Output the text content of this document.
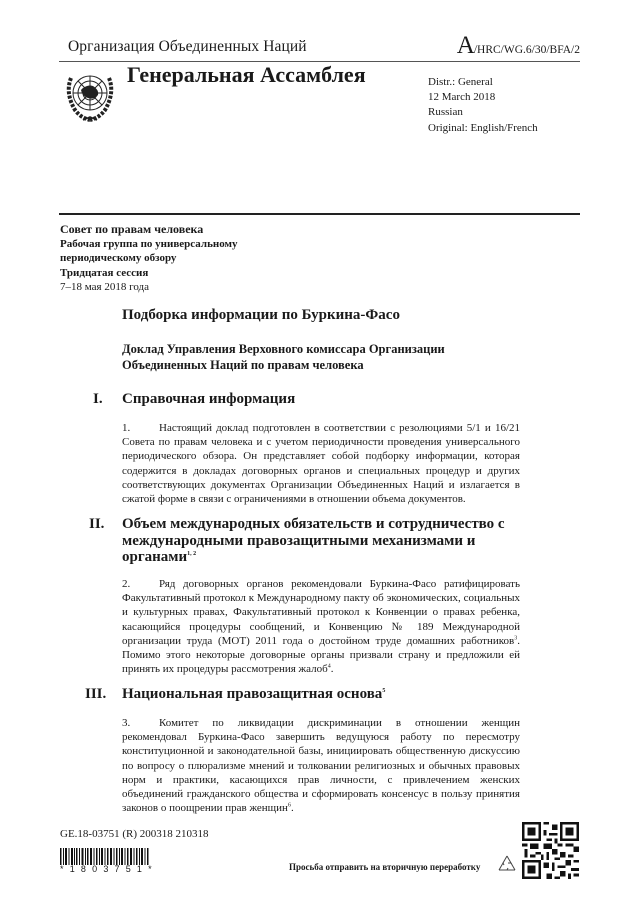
Организация Объединенных Наций	A/HRC/WG.6/30/BFA/2
Генеральная Ассамблея	Distr.: General
12 March 2018
Russian
Original: English/French
Совет по правам человека
Рабочая группа по универсальному
периодическому обзору
Тридцатая сессия
7–18 мая 2018 года
Подборка информации по Буркина-Фасо
Доклад Управления Верховного комиссара Организации Объединенных Наций по правам человека
I. Справочная информация
1.	Настоящий доклад подготовлен в соответствии с резолюциями 5/1 и 16/21 Совета по правам человека и с учетом периодичности проведения универсального периодического обзора. Он представляет собой подборку информации, которая содержится в докладах договорных органов и специальных процедур и других соответствующих документах Организации Объединенных Наций и излагается в сжатой форме в связи с ограничениями в отношении объема документов.
II. Объем международных обязательств и сотрудничество с международными правозащитными механизмами и органами$^{1, 2}$
2.	Ряд договорных органов рекомендовали Буркина-Фасо ратифицировать Факультативный протокол к Международному пакту об экономических, социальных и культурных правах, Факультативный протокол к Конвенции о правах ребенка, касающийся процедуры сообщений, и Конвенцию № 189 Международной организации труда (МОТ) 2011 года о достойном труде домашних работников$^3$. Помимо этого некоторые договорные органы призвали страну и предложили ей принять их процедуры рассмотрения жалоб$^4$.
III. Национальная правозащитная основа$^5$
3.	Комитет по ликвидации дискриминации в отношении женщин рекомендовал Буркина-Фасо завершить ведущуюся работу по пересмотру конституционной и законодательной базы, инициировать общественную дискуссию по вопросу о плюрализме мнений и толковании религиозных и обычных правовых норм и практики, касающихся прав личности, с привлечением женских объединений гражданского общества и сформировать консенсус в пользу принятия законов о поощрении прав женщин$^6$.
GE.18-03751 (R) 200318 210318
*1803751*	Просьба отправить на вторичную переработку
